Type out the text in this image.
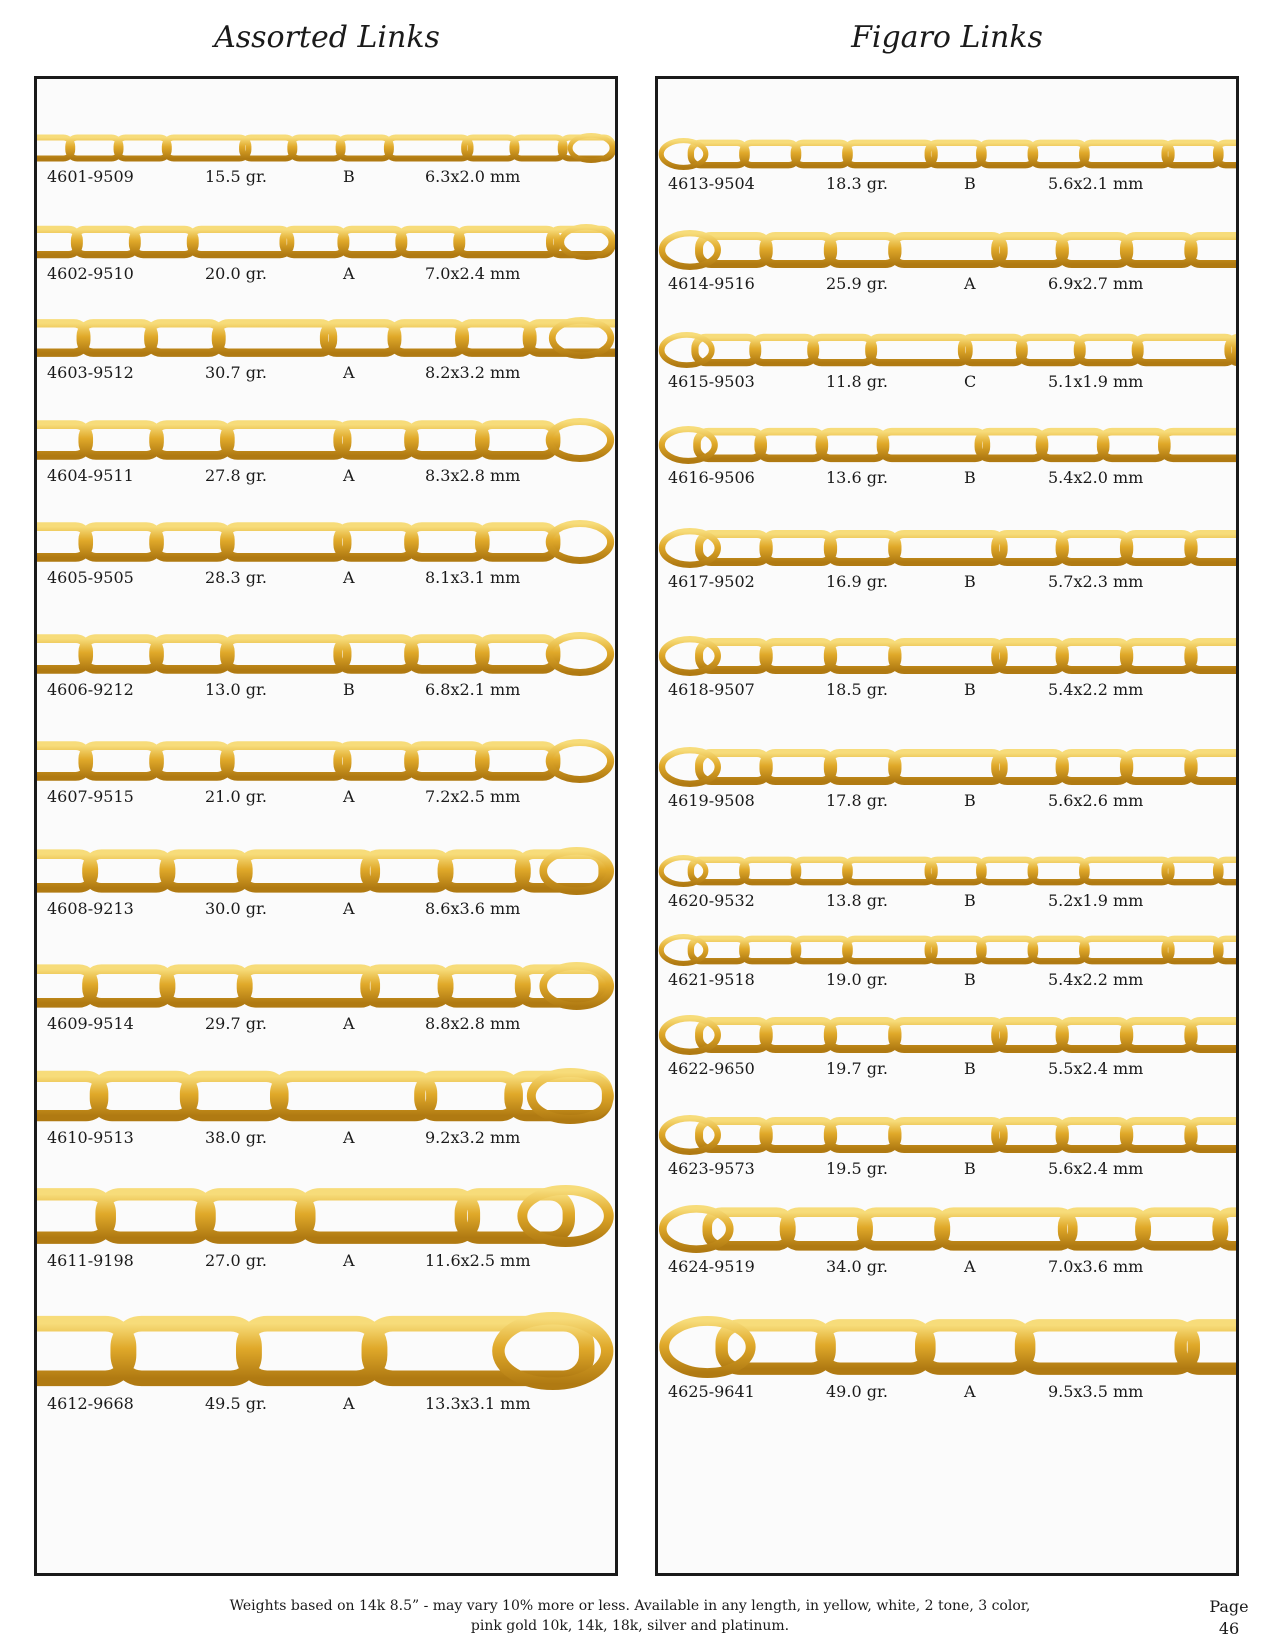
Assorted Links	Figaro Links
4601-9509	15.5 gr.	B	6.3x2.0 mm
4602-9510	20.0 gr.	A	7.0x2.4 mm
4603-9512	30.7 gr.	A	8.2x3.2 mm
4604-9511	27.8 gr.	A	8.3x2.8 mm
4605-9505	28.3 gr.	A	8.1x3.1 mm
4606-9212	13.0 gr.	B	6.8x2.1 mm
4607-9515	21.0 gr.	A	7.2x2.5 mm
4608-9213	30.0 gr.	A	8.6x3.6 mm
4609-9514	29.7 gr.	A	8.8x2.8 mm
4610-9513	38.0 gr.	A	9.2x3.2 mm
4611-9198	27.0 gr.	A	11.6x2.5 mm
4612-9668	49.5 gr.	A	13.3x3.1 mm
4613-9504	18.3 gr.	B	5.6x2.1 mm
4614-9516	25.9 gr.	A	6.9x2.7 mm
4615-9503	11.8 gr.	C	5.1x1.9 mm
4616-9506	13.6 gr.	B	5.4x2.0 mm
4617-9502	16.9 gr.	B	5.7x2.3 mm
4618-9507	18.5 gr.	B	5.4x2.2 mm
4619-9508	17.8 gr.	B	5.6x2.6 mm
4620-9532	13.8 gr.	B	5.2x1.9 mm
4621-9518	19.0 gr.	B	5.4x2.2 mm
4622-9650	19.7 gr.	B	5.5x2.4 mm
4623-9573	19.5 gr.	B	5.6x2.4 mm
4624-9519	34.0 gr.	A	7.0x3.6 mm
4625-9641	49.0 gr.	A	9.5x3.5 mm
Weights based on 14k 8.5” - may vary 10% more or less. Available in any length, in yellow, white, 2 tone, 3 color,
pink gold 10k, 14k, 18k, silver and platinum.
Page
46
